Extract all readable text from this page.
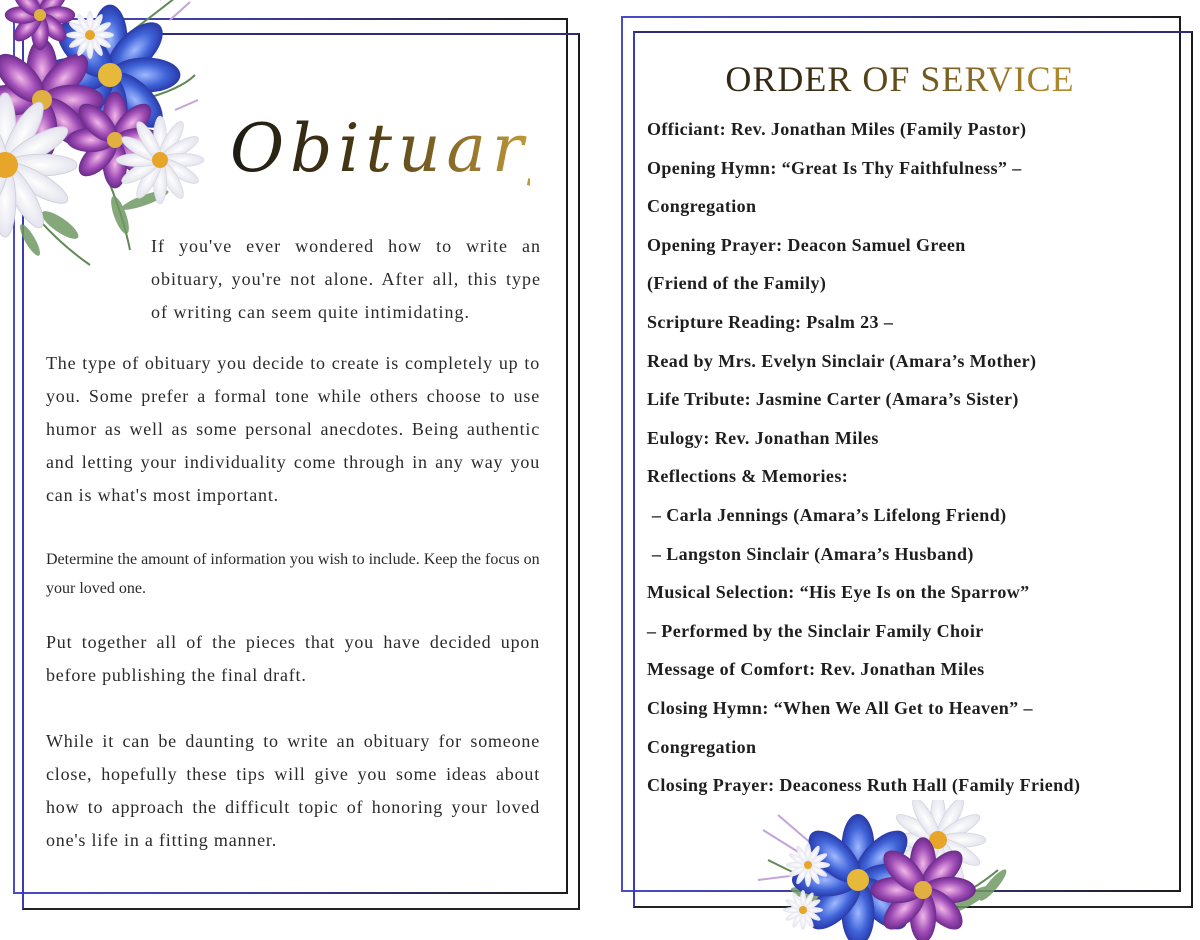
Obituary

If you've ever wondered how to write an obituary, you're not alone. After all, this type of writing can seem quite intimidating.

The type of obituary you decide to create is completely up to you. Some prefer a formal tone while others choose to use humor as well as some personal anecdotes. Being authentic and letting your individuality come through in any way you can is what's most important.

Determine the amount of information you wish to include. Keep the focus on your loved one.

Put together all of the pieces that you have decided upon before publishing the final draft.

While it can be daunting to write an obituary for someone close, hopefully these tips will give you some ideas about how to approach the difficult topic of honoring your loved one's life in a fitting manner.

ORDER OF SERVICE
Officiant: Rev. Jonathan Miles (Family Pastor)
Opening Hymn: “Great Is Thy Faithfulness” –
Congregation
Opening Prayer: Deacon Samuel Green
(Friend of the Family)
Scripture Reading: Psalm 23 –
Read by Mrs. Evelyn Sinclair (Amara’s Mother)
Life Tribute: Jasmine Carter (Amara’s Sister)
Eulogy: Rev. Jonathan Miles
Reflections & Memories:
– Carla Jennings (Amara’s Lifelong Friend)
– Langston Sinclair (Amara’s Husband)
Musical Selection: “His Eye Is on the Sparrow”
– Performed by the Sinclair Family Choir
Message of Comfort: Rev. Jonathan Miles
Closing Hymn: “When We All Get to Heaven” –
Congregation
Closing Prayer: Deaconess Ruth Hall (Family Friend)
